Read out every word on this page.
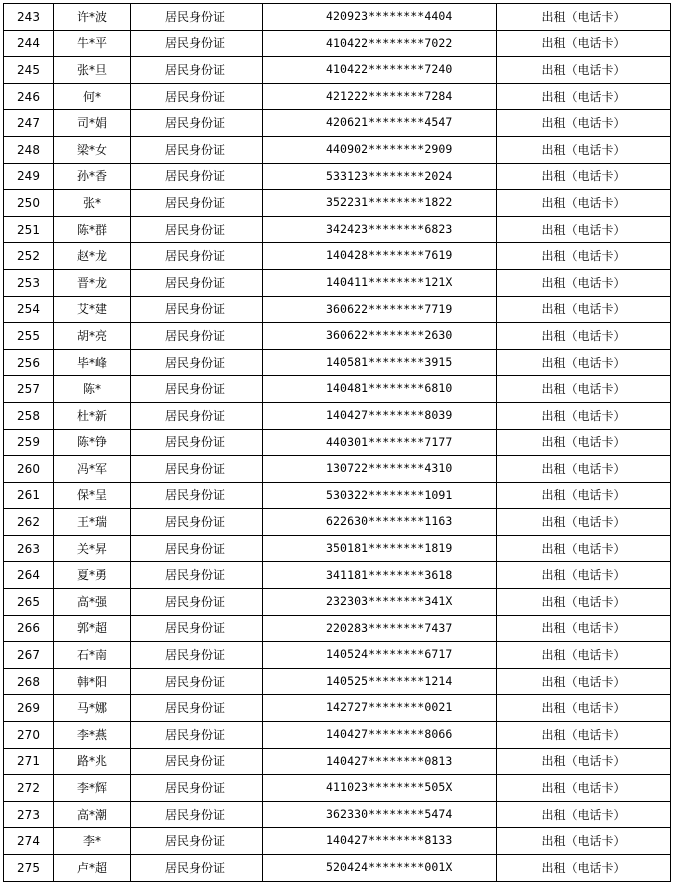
243	许*波	居民身份证	420923********4404	出租（电话卡）
244	牛*平	居民身份证	410422********7022	出租（电话卡）
245	张*旦	居民身份证	410422********7240	出租（电话卡）
246	何*	居民身份证	421222********7284	出租（电话卡）
247	司*娟	居民身份证	420621********4547	出租（电话卡）
248	梁*女	居民身份证	440902********2909	出租（电话卡）
249	孙*香	居民身份证	533123********2024	出租（电话卡）
250	张*	居民身份证	352231********1822	出租（电话卡）
251	陈*群	居民身份证	342423********6823	出租（电话卡）
252	赵*龙	居民身份证	140428********7619	出租（电话卡）
253	晋*龙	居民身份证	140411********121X	出租（电话卡）
254	艾*建	居民身份证	360622********7719	出租（电话卡）
255	胡*亮	居民身份证	360622********2630	出租（电话卡）
256	毕*峰	居民身份证	140581********3915	出租（电话卡）
257	陈*	居民身份证	140481********6810	出租（电话卡）
258	杜*新	居民身份证	140427********8039	出租（电话卡）
259	陈*铮	居民身份证	440301********7177	出租（电话卡）
260	冯*军	居民身份证	130722********4310	出租（电话卡）
261	保*呈	居民身份证	530322********1091	出租（电话卡）
262	王*瑞	居民身份证	622630********1163	出租（电话卡）
263	关*昇	居民身份证	350181********1819	出租（电话卡）
264	夏*勇	居民身份证	341181********3618	出租（电话卡）
265	高*强	居民身份证	232303********341X	出租（电话卡）
266	郭*超	居民身份证	220283********7437	出租（电话卡）
267	石*南	居民身份证	140524********6717	出租（电话卡）
268	韩*阳	居民身份证	140525********1214	出租（电话卡）
269	马*娜	居民身份证	142727********0021	出租（电话卡）
270	李*燕	居民身份证	140427********8066	出租（电话卡）
271	路*兆	居民身份证	140427********0813	出租（电话卡）
272	李*辉	居民身份证	411023********505X	出租（电话卡）
273	高*潮	居民身份证	362330********5474	出租（电话卡）
274	李*	居民身份证	140427********8133	出租（电话卡）
275	卢*超	居民身份证	520424********001X	出租（电话卡）
